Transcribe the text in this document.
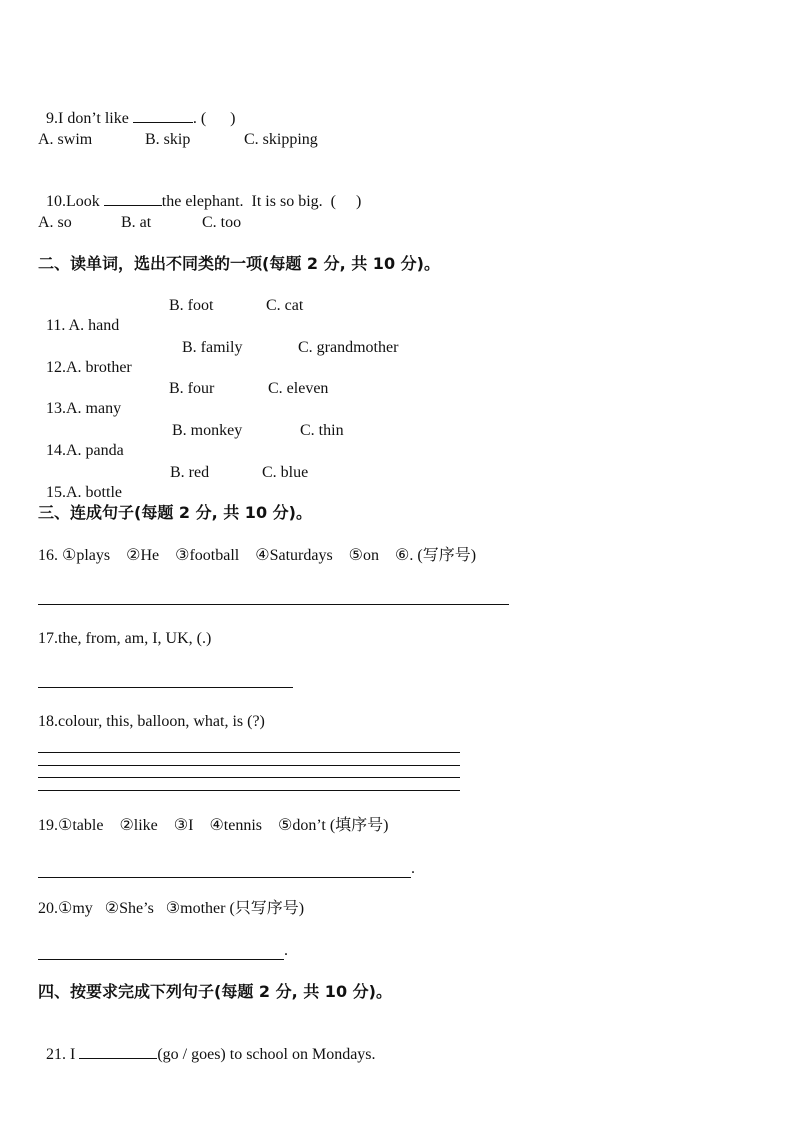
9.I don’t like	. (      )

A. swim	B. skip	C. skipping

10.Look	the elephant.  It is so big.  (     )

A. so	B. at	C. too
二、读单词，选出不同类的一项(每题 2 分, 共 10 分)。

11. A. hand

B. foot	C. cat

12.A. brother

B. family	C. grandmother

13.A. many

B. four	C. eleven

14.A. panda

B. monkey	C. thin

15.A. bottle

B. red	C. blue
三、连成句子(每题 2 分, 共 10 分)。
16. ①plays    ②He    ③football    ④Saturdays    ⑤on    ⑥. (写序号)
17.the, from, am, I, UK, (.)
18.colour, this, balloon, what, is (?)
19.①table    ②like    ③I    ④tennis    ⑤don’t (填序号)
.
20.①my   ②She’s   ③mother (只写序号)
.
四、按要求完成下列句子(每题 2 分, 共 10 分)。

21. I	(go / goes) to school on Mondays.
